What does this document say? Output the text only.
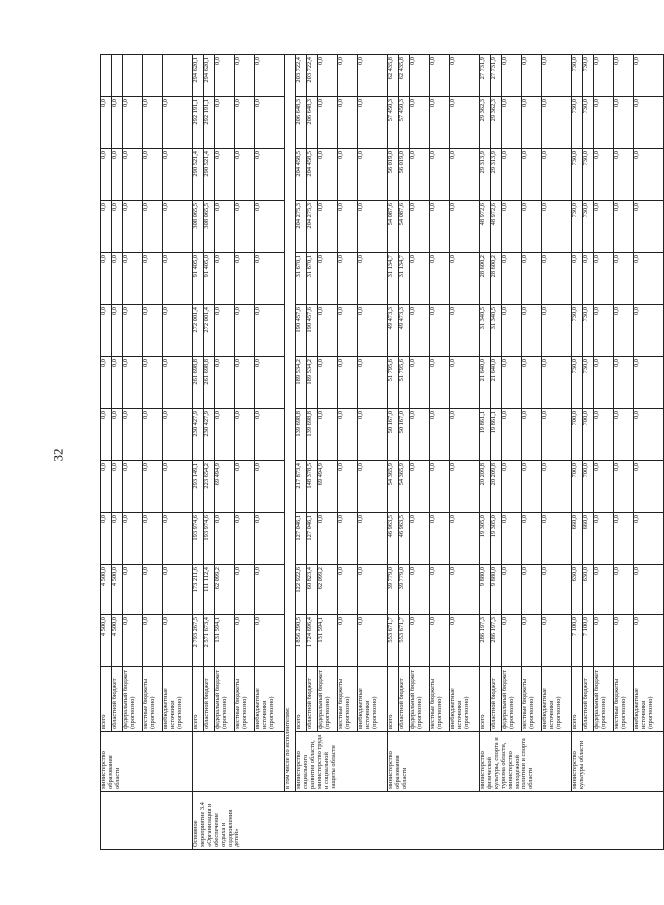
32
	министерство образования области	всего	4 500,0	4 500,0	0,0	0,0	0,0	0,0	0,0	0,0	0,0	0,0	0,0	
		областной бюджет	4 500,0	4 500,0	0,0	0,0	0,0	0,0	0,0	0,0	0,0	0,0	0,0	
		федеральный бюджет (прогнозно)	0,0	0,0	0,0	0,0	0,0	0,0	0,0	0,0	0,0	0,0	0,0	
		местные бюджеты (прогнозно)	0,0	0,0	0,0	0,0	0,0	0,0	0,0	0,0	0,0	0,0	0,0	
		внебюджетные источники (прогнозно)	0,0	0,0	0,0	0,0	0,0	0,0	0,0	0,0	0,0	0,0	0,0	
Основное мероприятие 3.4 «Организация и обеспечение отдыха и оздоровления детей»		всего	2 793 267,5	173 211,6	193 974,6	293 149,1	230 427,9	261 698,8	272 001,4	91 405,0	308 065,5	290 521,4	292 191,1	294 620,1
		областной бюджет	2 571 673,4	111 112,4	193 974,6	223 654,2	230 427,9	261 698,8	272 001,4	91 405,0	308 065,5	290 521,4	292 191,1	294 620,1
		федеральный бюджет (прогнозно)	131 594,1	62 099,2	0,0	69 494,9	0,0	0,0	0,0	0,0	0,0	0,0	0,0	0,0
		местные бюджеты (прогнозно)	0,0	0,0	0,0	0,0	0,0	0,0	0,0	0,0	0,0	0,0	0,0	0,0
		внебюджетные источники (прогнозно)	0,0	0,0	0,0	0,0	0,0	0,0	0,0	0,0	0,0	0,0	0,0	0,0
	в том числе по исполнителям:													
	министерство социального развития области, министерство труда и социальной защиты области	всего	1 856 290,5	122 922,6	127 046,1	217 873,4	139 698,8	189 534,2	190 457,6	31 670,1	204 275,3	204 458,5	206 648,3	203 722,4
		областной бюджет	1 724 696,4	60 823,4	127 046,1	148 378,5	139 698,8	189 534,2	190 457,6	31 670,1	204 275,3	204 458,5	206 648,3	203 722,4
		федеральный бюджет (прогнозно)	131 594,1	62 099,2	0,0	69 494,9	0,0	0,0	0,0	0,0	0,0	0,0	0,0	0,0
		местные бюджеты (прогнозно)	0,0	0,0	0,0	0,0	0,0	0,0	0,0	0,0	0,0	0,0	0,0	0,0
		внебюджетные источники (прогнозно)	0,0	0,0	0,0	0,0	0,0	0,0	0,0	0,0	0,0	0,0	0,0	0,0
	министерство образования области	всего	553 671,7	39 779,0	46 963,5	54 365,9	50 167,0	51 795,6	49 473,3	31 134,7	54 087,6	56 019,0	57 450,3	62 435,8
		областной бюджет	553 671,7	39 779,0	46 963,5	54 365,9	50 167,0	51 795,6	49 473,3	31 134,7	54 087,6	56 019,0	57 450,3	62 435,8
		федеральный бюджет (прогнозно)	0,0	0,0	0,0	0,0	0,0	0,0	0,0	0,0	0,0	0,0	0,0	0,0
		местные бюджеты (прогнозно)	0,0	0,0	0,0	0,0	0,0	0,0	0,0	0,0	0,0	0,0	0,0	0,0
		внебюджетные источники (прогнозно)	0,0	0,0	0,0	0,0	0,0	0,0	0,0	0,0	0,0	0,0	0,0	0,0
	министерство физической культуры, спорта и туризма области, министерство молодежной политики и спорта области	всего	286 197,3	9 880,0	19 305,0	20 209,8	19 861,1	21 640,0	31 340,5	28 600,2	48 972,6	29 313,9	29 362,3	27 731,9
		областной бюджет	286 197,3	9 880,0	19 305,0	20 209,8	19 861,1	21 640,0	31 340,5	28 600,2	48 972,6	29 313,9	29 362,3	27 731,9
		федеральный бюджет (прогнозно)	0,0	0,0	0,0	0,0	0,0	0,0	0,0	0,0	0,0	0,0	0,0	0,0
		местные бюджеты (прогнозно)	0,0	0,0	0,0	0,0	0,0	0,0	0,0	0,0	0,0	0,0	0,0	0,0
		внебюджетные источники (прогнозно)	0,0	0,0	0,0	0,0	0,0	0,0	0,0	0,0	0,0	0,0	0,0	0,0
	министерство культуры области	всего	7 100,0	630,0	660,0	700,0	700,0	730,0	730,0	0,0	730,0	730,0	730,0	730,0
		областной бюджет	7 100,0	630,0	660,0	700,0	700,0	730,0	730,0	0,0	730,0	730,0	730,0	730,0
		федеральный бюджет (прогнозно)	0,0	0,0	0,0	0,0	0,0	0,0	0,0	0,0	0,0	0,0	0,0	0,0
		местные бюджеты (прогнозно)	0,0	0,0	0,0	0,0	0,0	0,0	0,0	0,0	0,0	0,0	0,0	0,0
		внебюджетные источники (прогнозно)	0,0	0,0	0,0	0,0	0,0	0,0	0,0	0,0	0,0	0,0	0,0	0,0
